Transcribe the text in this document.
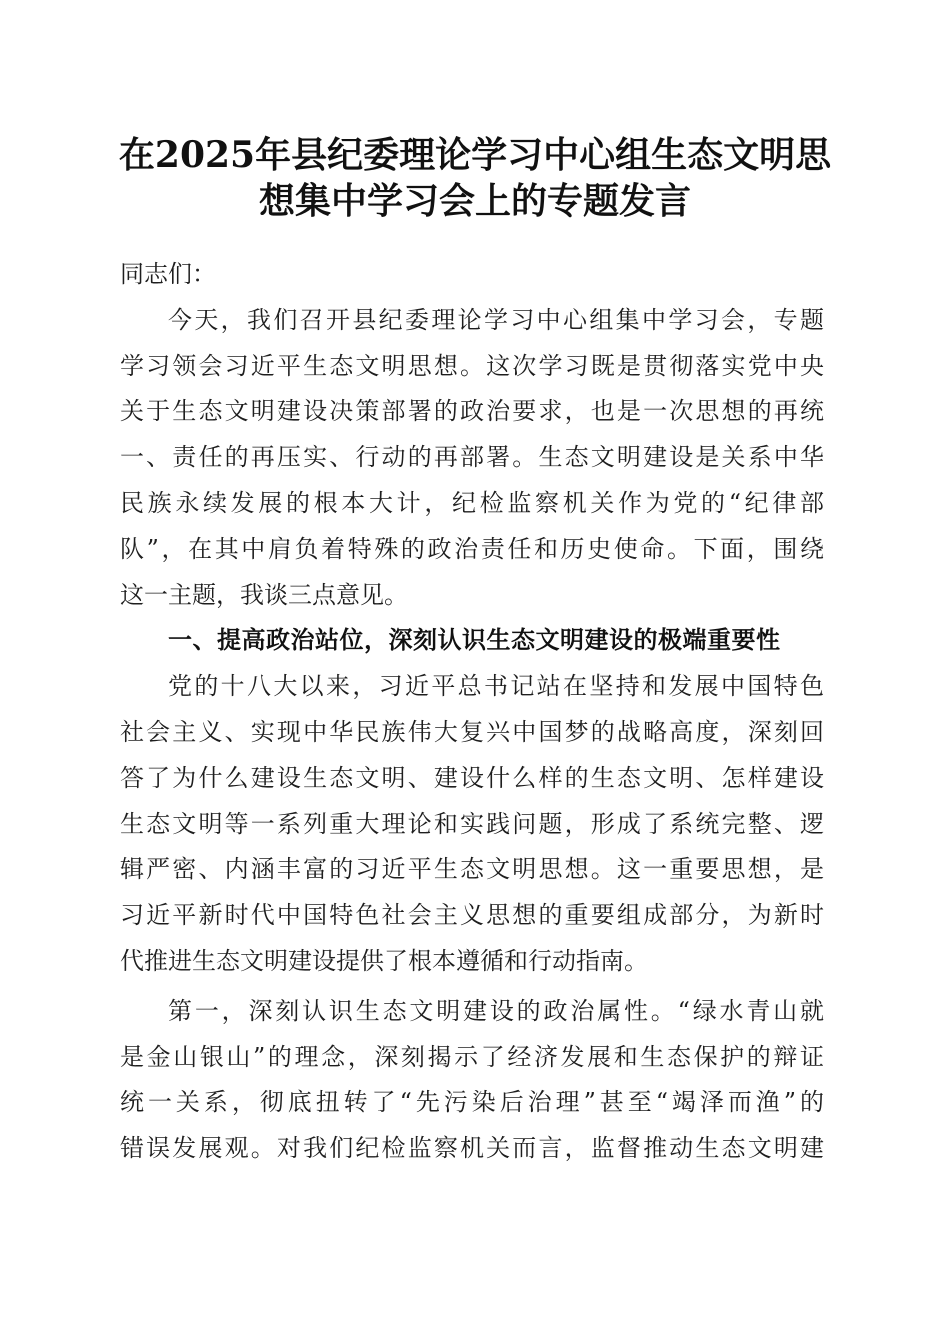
在2025年县纪委理论学习中心组生态文明思
想集中学习会上的专题发言
同志们：
今天，我们召开县纪委理论学习中心组集中学习会，专题
学习领会习近平生态文明思想。这次学习既是贯彻落实党中央
关于生态文明建设决策部署的政治要求，也是一次思想的再统
一、责任的再压实、行动的再部署。生态文明建设是关系中华
民族永续发展的根本大计，纪检监察机关作为党的“纪律部
队”，在其中肩负着特殊的政治责任和历史使命。下面，围绕
这一主题，我谈三点意见。
一、提高政治站位，深刻认识生态文明建设的极端重要性
党的十八大以来，习近平总书记站在坚持和发展中国特色
社会主义、实现中华民族伟大复兴中国梦的战略高度，深刻回
答了为什么建设生态文明、建设什么样的生态文明、怎样建设
生态文明等一系列重大理论和实践问题，形成了系统完整、逻
辑严密、内涵丰富的习近平生态文明思想。这一重要思想，是
习近平新时代中国特色社会主义思想的重要组成部分，为新时
代推进生态文明建设提供了根本遵循和行动指南。
第一，深刻认识生态文明建设的政治属性。“绿水青山就
是金山银山”的理念，深刻揭示了经济发展和生态保护的辩证
统一关系，彻底扭转了“先污染后治理”甚至“竭泽而渔”的
错误发展观。对我们纪检监察机关而言，监督推动生态文明建
